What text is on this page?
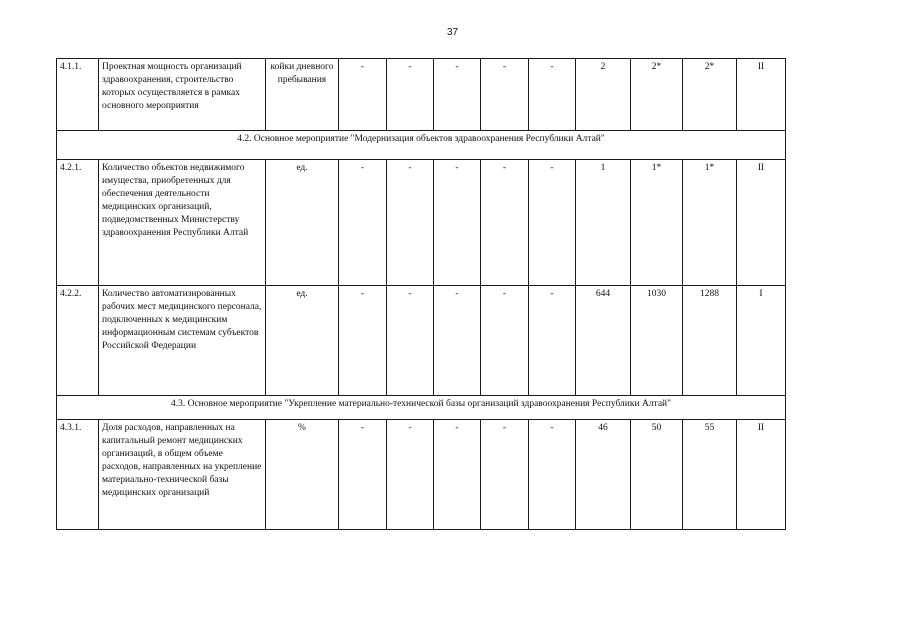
37
4.1.1.	Проектная мощность организаций здравоохранения, строительство которых осуществляется в рамках основного мероприятия	койки дневного пребывания	-	-	-	-	-	2	2*	2*	II
4.2. Основное мероприятие "Модернизация объектов здравоохранения Республики Алтай"											
4.2.1.	Количество объектов недвижимого имущества, приобретенных для обеспечения деятельности медицинских организаций, подведомственных Министерству здравоохранения Республики Алтай	ед.	-	-	-	-	-	1	1*	1*	II
4.2.2.	Количество автоматизированных рабочих мест медицинского персонала, подключенных к медицинским информационным системам субъектов Российской Федерации	ед.	-	-	-	-	-	644	1030	1288	I
4.3. Основное мероприятие "Укрепление материально-технической базы организаций здравоохранения Республики Алтай"											
4.3.1.	Доля расходов, направленных на капитальный ремонт медицинских организаций, в общем объеме расходов, направленных на укрепление материально-технической базы медицинских организаций	%	-	-	-	-	-	46	50	55	II
